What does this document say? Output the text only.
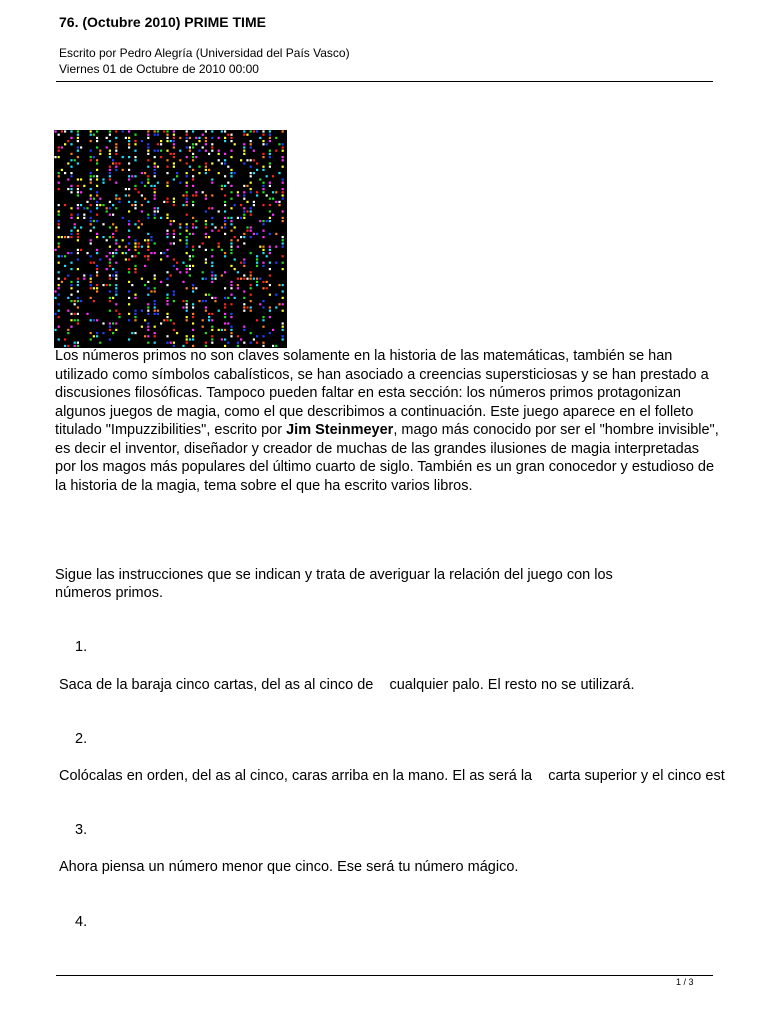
76. (Octubre 2010) PRIME TIME
Escrito por Pedro Alegría (Universidad del País Vasco)
Viernes 01 de Octubre de 2010 00:00

Los números primos no son claves solamente en la historia de las matemáticas, también se han utilizado como símbolos cabalísticos, se han asociado a creencias supersticiosas y se han prestado a discusiones filosóficas. Tampoco pueden faltar en esta sección: los números primos protagonizan algunos juegos de magia, como el que describimos a continuación. Este juego aparece en el folleto titulado "Impuzzibilities", escrito por Jim Steinmeyer, mago más conocido por ser el "hombre invisible", es decir el inventor, diseñador y creador de muchas de las grandes ilusiones de magia interpretadas por los magos más populares del último cuarto de siglo. También es un gran conocedor y estudioso de la historia de la magia, tema sobre el que ha escrito varios libros.

Sigue las instrucciones que se indican y trata de averiguar la relación del juego con los

números primos.

1.

Saca de la baraja cinco cartas, del as al cinco de    cualquier palo. El resto no se utilizará.

2.

Colócalas en orden, del as al cinco, caras arriba en la mano. El as será la    carta superior y el cinco est

3.

Ahora piensa un número menor que cinco. Ese será tu número mágico.

4.
1 / 3
